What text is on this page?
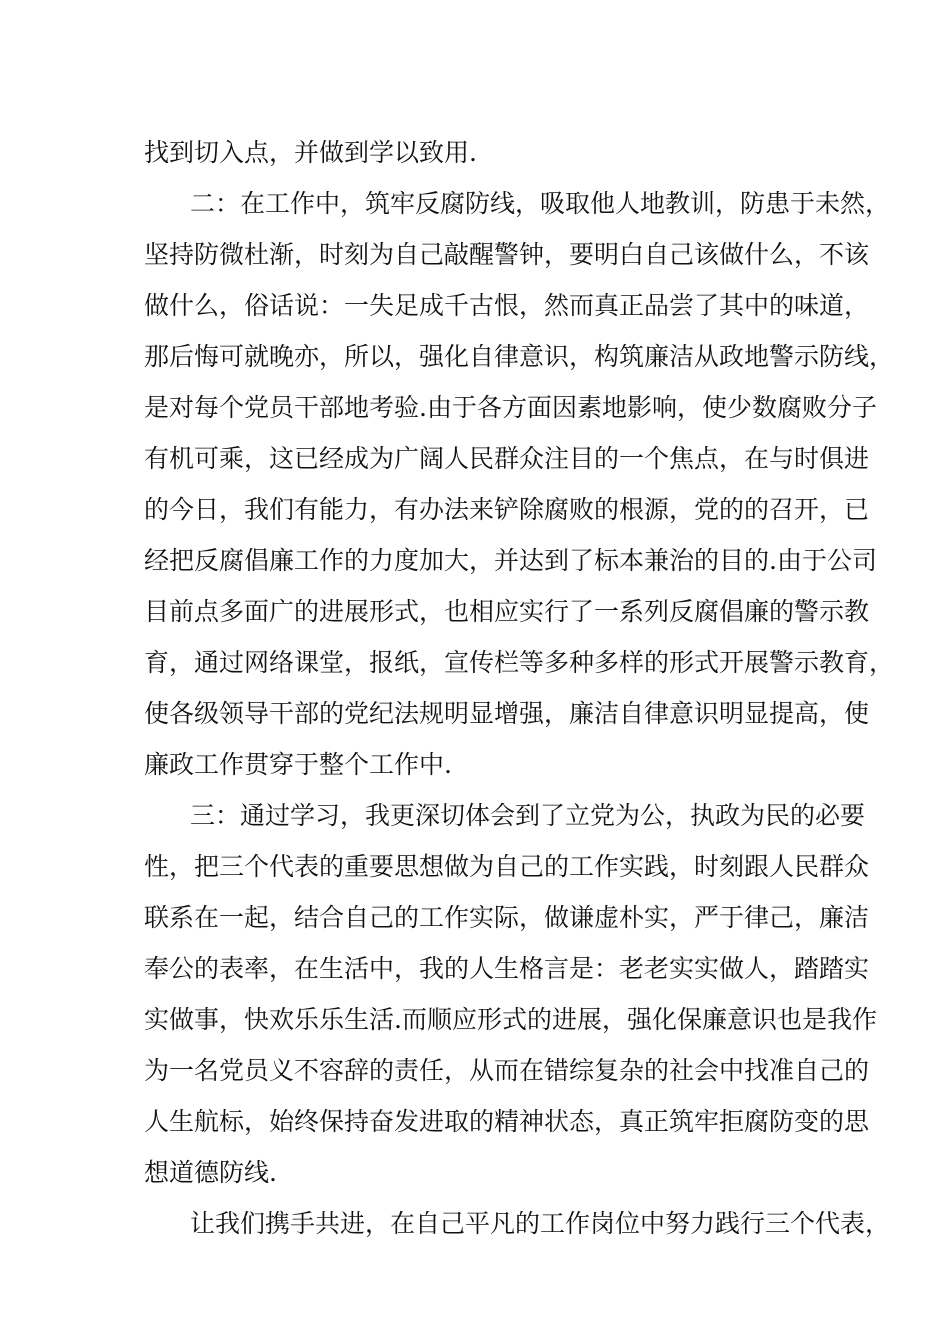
找到切入点，并做到学以致用.
二：在工作中，筑牢反腐防线，吸取他人地教训，防患于未然，
坚持防微杜渐，时刻为自己敲醒警钟，要明白自己该做什么，不该
做什么，俗话说：一失足成千古恨，然而真正品尝了其中的味道，
那后悔可就晚亦，所以，强化自律意识，构筑廉洁从政地警示防线，
是对每个党员干部地考验.由于各方面因素地影响，使少数腐败分子
有机可乘，这已经成为广阔人民群众注目的一个焦点，在与时俱进
的今日，我们有能力，有办法来铲除腐败的根源，党的的召开，已
经把反腐倡廉工作的力度加大，并达到了标本兼治的目的.由于公司
目前点多面广的进展形式，也相应实行了一系列反腐倡廉的警示教
育，通过网络课堂，报纸，宣传栏等多种多样的形式开展警示教育，
使各级领导干部的党纪法规明显增强，廉洁自律意识明显提高，使
廉政工作贯穿于整个工作中.
三：通过学习，我更深切体会到了立党为公，执政为民的必要
性，把三个代表的重要思想做为自己的工作实践，时刻跟人民群众
联系在一起，结合自己的工作实际，做谦虚朴实，严于律己，廉洁
奉公的表率，在生活中，我的人生格言是：老老实实做人，踏踏实
实做事，快欢乐乐生活.而顺应形式的进展，强化保廉意识也是我作
为一名党员义不容辞的责任，从而在错综复杂的社会中找准自己的
人生航标，始终保持奋发进取的精神状态，真正筑牢拒腐防变的思
想道德防线.
让我们携手共进，在自己平凡的工作岗位中努力践行三个代表，
